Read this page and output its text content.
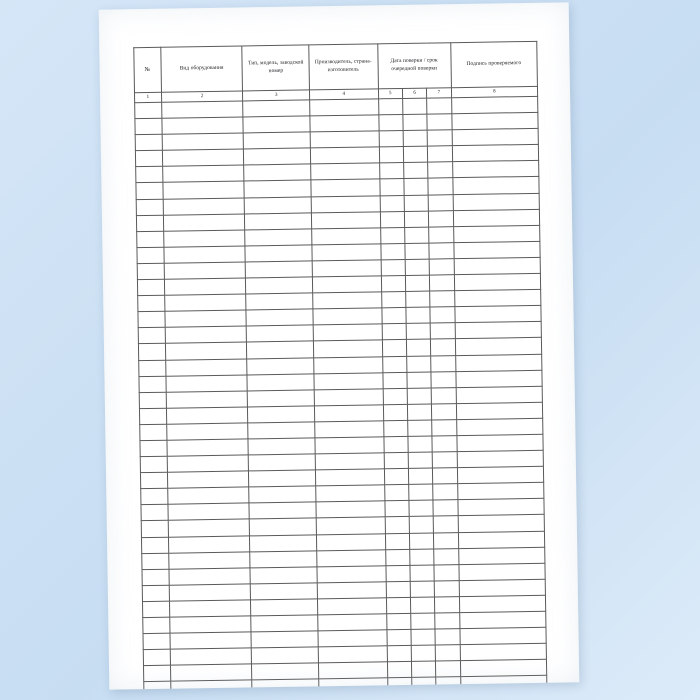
№	Вид оборудования	Тип, модель, заводской номер	Производитель, страна-изготовитель	Дата поверки / срок очередной поверки			Подпись проверяемого
1	2	3	4	5	6	7	8
